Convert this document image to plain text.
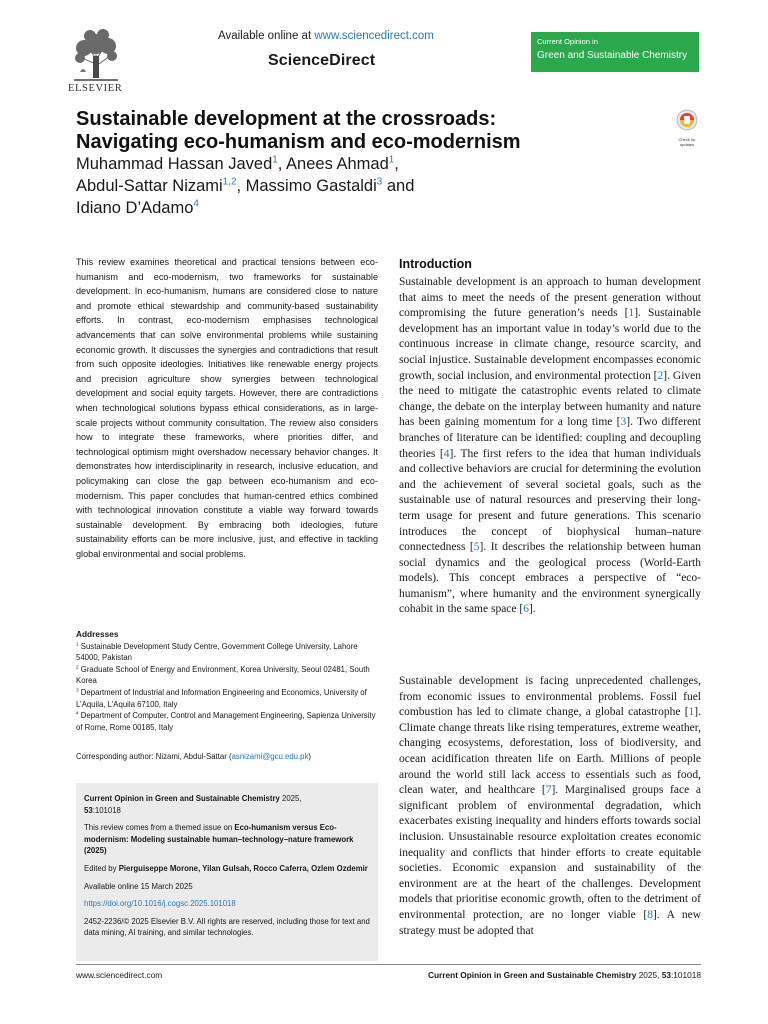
ELSEVIER
Available online at www.sciencedirect.com
ScienceDirect
Current Opinion in
Green and Sustainable Chemistry
Check for updates
Sustainable development at the crossroads:
Navigating eco-humanism and eco-modernism
Muhammad Hassan Javed$^1$, Anees Ahmad$^1$,
Abdul-Sattar Nizami$^{1,2}$, Massimo Gastaldi$^3$ and
Idiano D’Adamo$^4$
This review examines theoretical and practical tensions between eco-humanism and eco-modernism, two frameworks for sustainable development. In eco-humanism, humans are considered close to nature and promote ethical stewardship and community-based sustainability efforts. In contrast, eco-modernism emphasises technological advancements that can solve environmental problems while sustaining economic growth. It discusses the synergies and contradictions that result from such opposite ideologies. Initiatives like renewable energy projects and precision agriculture show synergies between technological development and social equity targets. However, there are contradictions when technological solutions bypass ethical considerations, as in large-scale projects without community consultation. The review also considers how to integrate these frameworks, where priorities differ, and technological optimism might overshadow necessary behavior changes. It demonstrates how interdisciplinarity in research, inclusive education, and policymaking can close the gap between eco-humanism and eco-modernism. This paper concludes that human-centred ethics combined with technological innovation constitute a viable way forward towards sustainable development. By embracing both ideologies, future sustainability efforts can be more inclusive, just, and effective in tackling global environmental and social problems.
Addresses
$^1$ Sustainable Development Study Centre, Government College University, Lahore 54000, Pakistan
$^2$ Graduate School of Energy and Environment, Korea University, Seoul 02481, South Korea
$^3$ Department of Industrial and Information Engineering and Economics, University of L’Aquila, L’Aquila 67100, Italy
$^4$ Department of Computer, Control and Management Engineering, Sapienza University of Rome, Rome 00185, Italy
Corresponding author: Nizami, Abdul-Sattar (asnizami@gcu.edu.pk)

Current Opinion in Green and Sustainable Chemistry 2025,
53:101018

This review comes from a themed issue on Eco-humanism versus Eco-modernism: Modeling sustainable human–technology–nature framework (2025)

Edited by Pierguiseppe Morone, Yilan Gulsah, Rocco Caferra, Ozlem Ozdemir

Available online 15 March 2025

https://doi.org/10.1016/j.cogsc.2025.101018

2452-2236/© 2025 Elsevier B.V. All rights are reserved, including those for text and data mining, AI training, and similar technologies.

Introduction
Sustainable development is an approach to human development that aims to meet the needs of the present generation without compromising the future generation’s needs [1]. Sustainable development has an important value in today’s world due to the continuous increase in climate change, resource scarcity, and social injustice. Sustainable development encompasses economic growth, social inclusion, and environmental protection [2]. Given the need to mitigate the catastrophic events related to climate change, the debate on the interplay between humanity and nature has been gaining momentum for a long time [3]. Two different branches of literature can be identified: coupling and decoupling theories [4]. The first refers to the idea that human individuals and collective behaviors are crucial for determining the evolution and the achievement of several societal goals, such as the sustainable use of natural resources and preserving their long-term usage for present and future generations. This scenario introduces the concept of biophysical human–nature connectedness [5]. It describes the relationship between human social dynamics and the geological process (World-Earth models). This concept embraces a perspective of “eco-humanism”, where humanity and the environment synergically cohabit in the same space [6].
Sustainable development is facing unprecedented challenges, from economic issues to environmental problems. Fossil fuel combustion has led to climate change, a global catastrophe [1]. Climate change threats like rising temperatures, extreme weather, changing ecosystems, deforestation, loss of biodiversity, and ocean acidification threaten life on Earth. Millions of people around the world still lack access to essentials such as food, clean water, and healthcare [7]. Marginalised groups face a significant problem of environmental degradation, which exacerbates existing inequality and hinders efforts towards social inclusion. Unsustainable resource exploitation creates economic inequality and conflicts that hinder efforts to create equitable societies. Economic expansion and sustainability of the environment are at the heart of the challenges. Development models that prioritise economic growth, often to the detriment of environmental protection, are no longer viable [8]. A new strategy must be adopted that
www.sciencedirect.com	Current Opinion in Green and Sustainable Chemistry 2025, 53:101018
